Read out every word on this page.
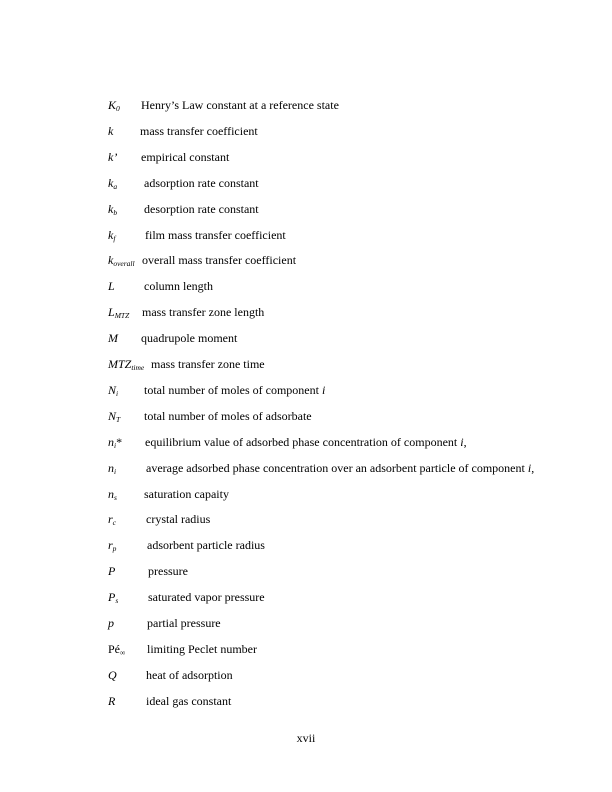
K0 Henry’s Law constant at a reference state
k mass transfer coefficient
k’ empirical constant
ka adsorption rate constant
kb desorption rate constant
kf film mass transfer coefficient
koverall overall mass transfer coefficient
L column length
LMTZ mass transfer zone length
M quadrupole moment
MTZtime mass transfer zone time
Ni total number of moles of component i
NT total number of moles of adsorbate
ni* equilibrium value of adsorbed phase concentration of component i,
ni average adsorbed phase concentration over an adsorbent particle of component i,
ns saturation capaity
rc crystal radius
rp	adsorbent particle radius
P	pressure
Ps saturated vapor pressure
p	partial pressure
Pé∞ limiting Peclet number
Q heat of adsorption
R	ideal gas constant
xvii
